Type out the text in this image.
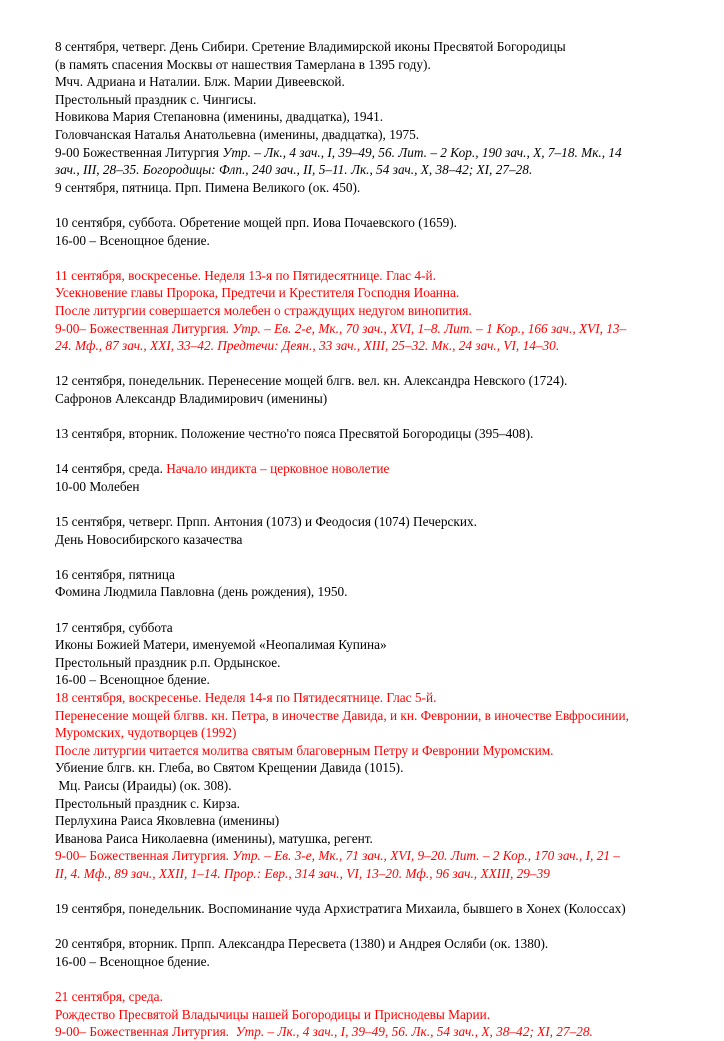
8 сентября, четверг. День Сибири. Сретение Владимирской иконы Пресвятой Богородицы
(в память спасения Москвы от нашествия Тамерлана в 1395 году).
Мчч. Адриана и Наталии. Блж. Марии Дивеевской.
Престольный праздник с. Чингисы.
Новикова Мария Степановна (именины, двадцатка), 1941.
Головчанская Наталья Анатольевна (именины, двадцатка), 1975.
9-00 Божественная Литургия Утр. – Лк., 4 зач., I, 39–49, 56. Лит. – 2 Кор., 190 зач., X, 7–18. Мк., 14
зач., III, 28–35. Богородицы: Флп., 240 зач., II, 5–11. Лк., 54 зач., X, 38–42; XI, 27–28.
9 сентября, пятница. Прп. Пимена Великого (ок. 450).
10 сентября, суббота. Обретение мощей прп. Иова Почаевского (1659).
16-00 – Всенощное бдение.
11 сентября, воскресенье. Неделя 13-я по Пятидесятнице. Глас 4-й.
Усекновение главы Пророка, Предтечи и Крестителя Господня Иоанна.
После литургии совершается молебен о страждущих недугом винопития.
9-00– Божественная Литургия. Утр. – Ев. 2-е, Мк., 70 зач., XVI, 1–8. Лит. – 1 Кор., 166 зач., XVI, 13–
24. Мф., 87 зач., XXI, 33–42. Предтечи: Деян., 33 зач., XIII, 25–32. Мк., 24 зач., VI, 14–30.
12 сентября, понедельник. Перенесение мощей блгв. вел. кн. Александра Невского (1724).
Сафронов Александр Владимирович (именины)
13 сентября, вторник. Положение честно'го пояса Пресвятой Богородицы (395–408).
14 сентября, среда. Начало индикта – церковное новолетие
10-00 Молебен
15 сентября, четверг. Прпп. Антония (1073) и Феодосия (1074) Печерских.
День Новосибирского казачества
16 сентября, пятница
Фомина Людмила Павловна (день рождения), 1950.
17 сентября, суббота
Иконы Божией Матери, именуемой «Неопалимая Купина»
Престольный праздник р.п. Ордынское.
16-00 – Всенощное бдение.
18 сентября, воскресенье. Неделя 14-я по Пятидесятнице. Глас 5-й.
Перенесение мощей блгвв. кн. Петра, в иночестве Давида, и кн. Февронии, в иночестве Евфросинии,
Муромских, чудотворцев (1992)
После литургии читается молитва святым благоверным Петру и Февронии Муромским.
Убиение блгв. кн. Глеба, во Святом Крещении Давида (1015).
Мц. Раисы (Ираиды) (ок. 308).
Престольный праздник с. Кирза.
Перлухина Раиса Яковлевна (именины)
Иванова Раиса Николаевна (именины), матушка, регент.
9-00– Божественная Литургия. Утр. – Ев. 3-е, Мк., 71 зач., XVI, 9–20. Лит. – 2 Кор., 170 зач., I, 21 –
II, 4. Мф., 89 зач., XXII, 1–14. Прор.: Евр., 314 зач., VI, 13–20. Мф., 96 зач., XXIII, 29–39
19 сентября, понедельник. Воспоминание чуда Архистратига Михаила, бывшего в Хонех (Колоссах)
20 сентября, вторник. Прпп. Александра Пересвета (1380) и Андрея Осляби (ок. 1380).
16-00 – Всенощное бдение.
21 сентября, среда.
Рождество Пресвятой Владычицы нашей Богородицы и Приснодевы Марии.
9-00– Божественная Литургия.  Утр. – Лк., 4 зач., I, 39–49, 56. Лк., 54 зач., X, 38–42; XI, 27–28.
